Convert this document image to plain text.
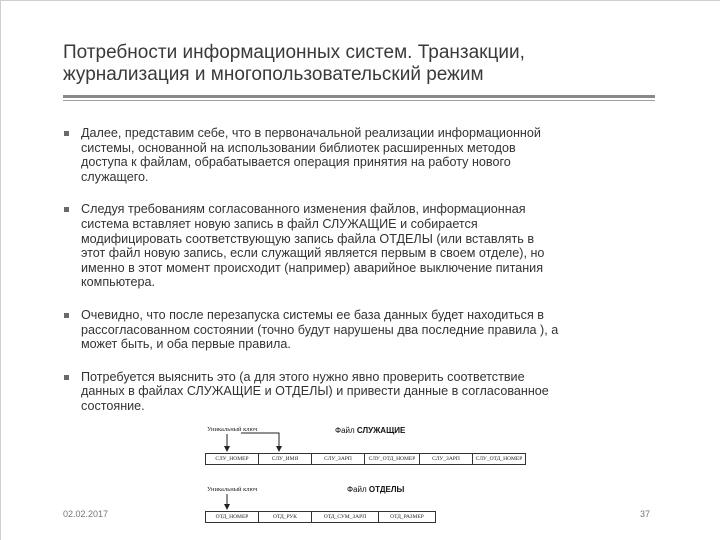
Потребности информационных систем. Транзакции,
журнализация и многопользовательский режим
Далее, представим себе, что в первоначальной реализации информационной
системы, основанной на использовании библиотек расширенных методов
доступа к файлам, обрабатывается операция принятия на работу нового
служащего.
Следуя требованиям согласованного изменения файлов, информационная
система вставляет новую запись в файл СЛУЖАЩИЕ и собирается
модифицировать соответствующую запись файла ОТДЕЛЫ (или вставлять в
этот файл новую запись, если служащий является первым в своем отделе), но
именно в этот момент происходит (например) аварийное выключение питания
компьютера.
Очевидно, что после перезапуска системы ее база данных будет находиться в
рассогласованном состоянии (точно будут нарушены два последние правила ), а
может быть, и оба первые правила.
Потребуется выяснить это (а для этого нужно явно проверить соответствие
данных в файлах СЛУЖАЩИЕ и ОТДЕЛЫ) и привести данные в согласованное
состояние.
Уникальный ключ	Файл СЛУЖАЩИЕ
СЛУ_НОМЕР	СЛУ_ИМЯ	СЛУ_ЗАРП	СЛУ_ОТД_НОМЕР	СЛУ_ЗАРП	СЛУ_ОТД_НОМЕР
Уникальный ключ	Файл ОТДЕЛЫ
ОТД_НОМЕР	ОТД_РУК	ОТД_СУМ_ЗАРП	ОТД_РАЗМЕР
02.02.2017	37
